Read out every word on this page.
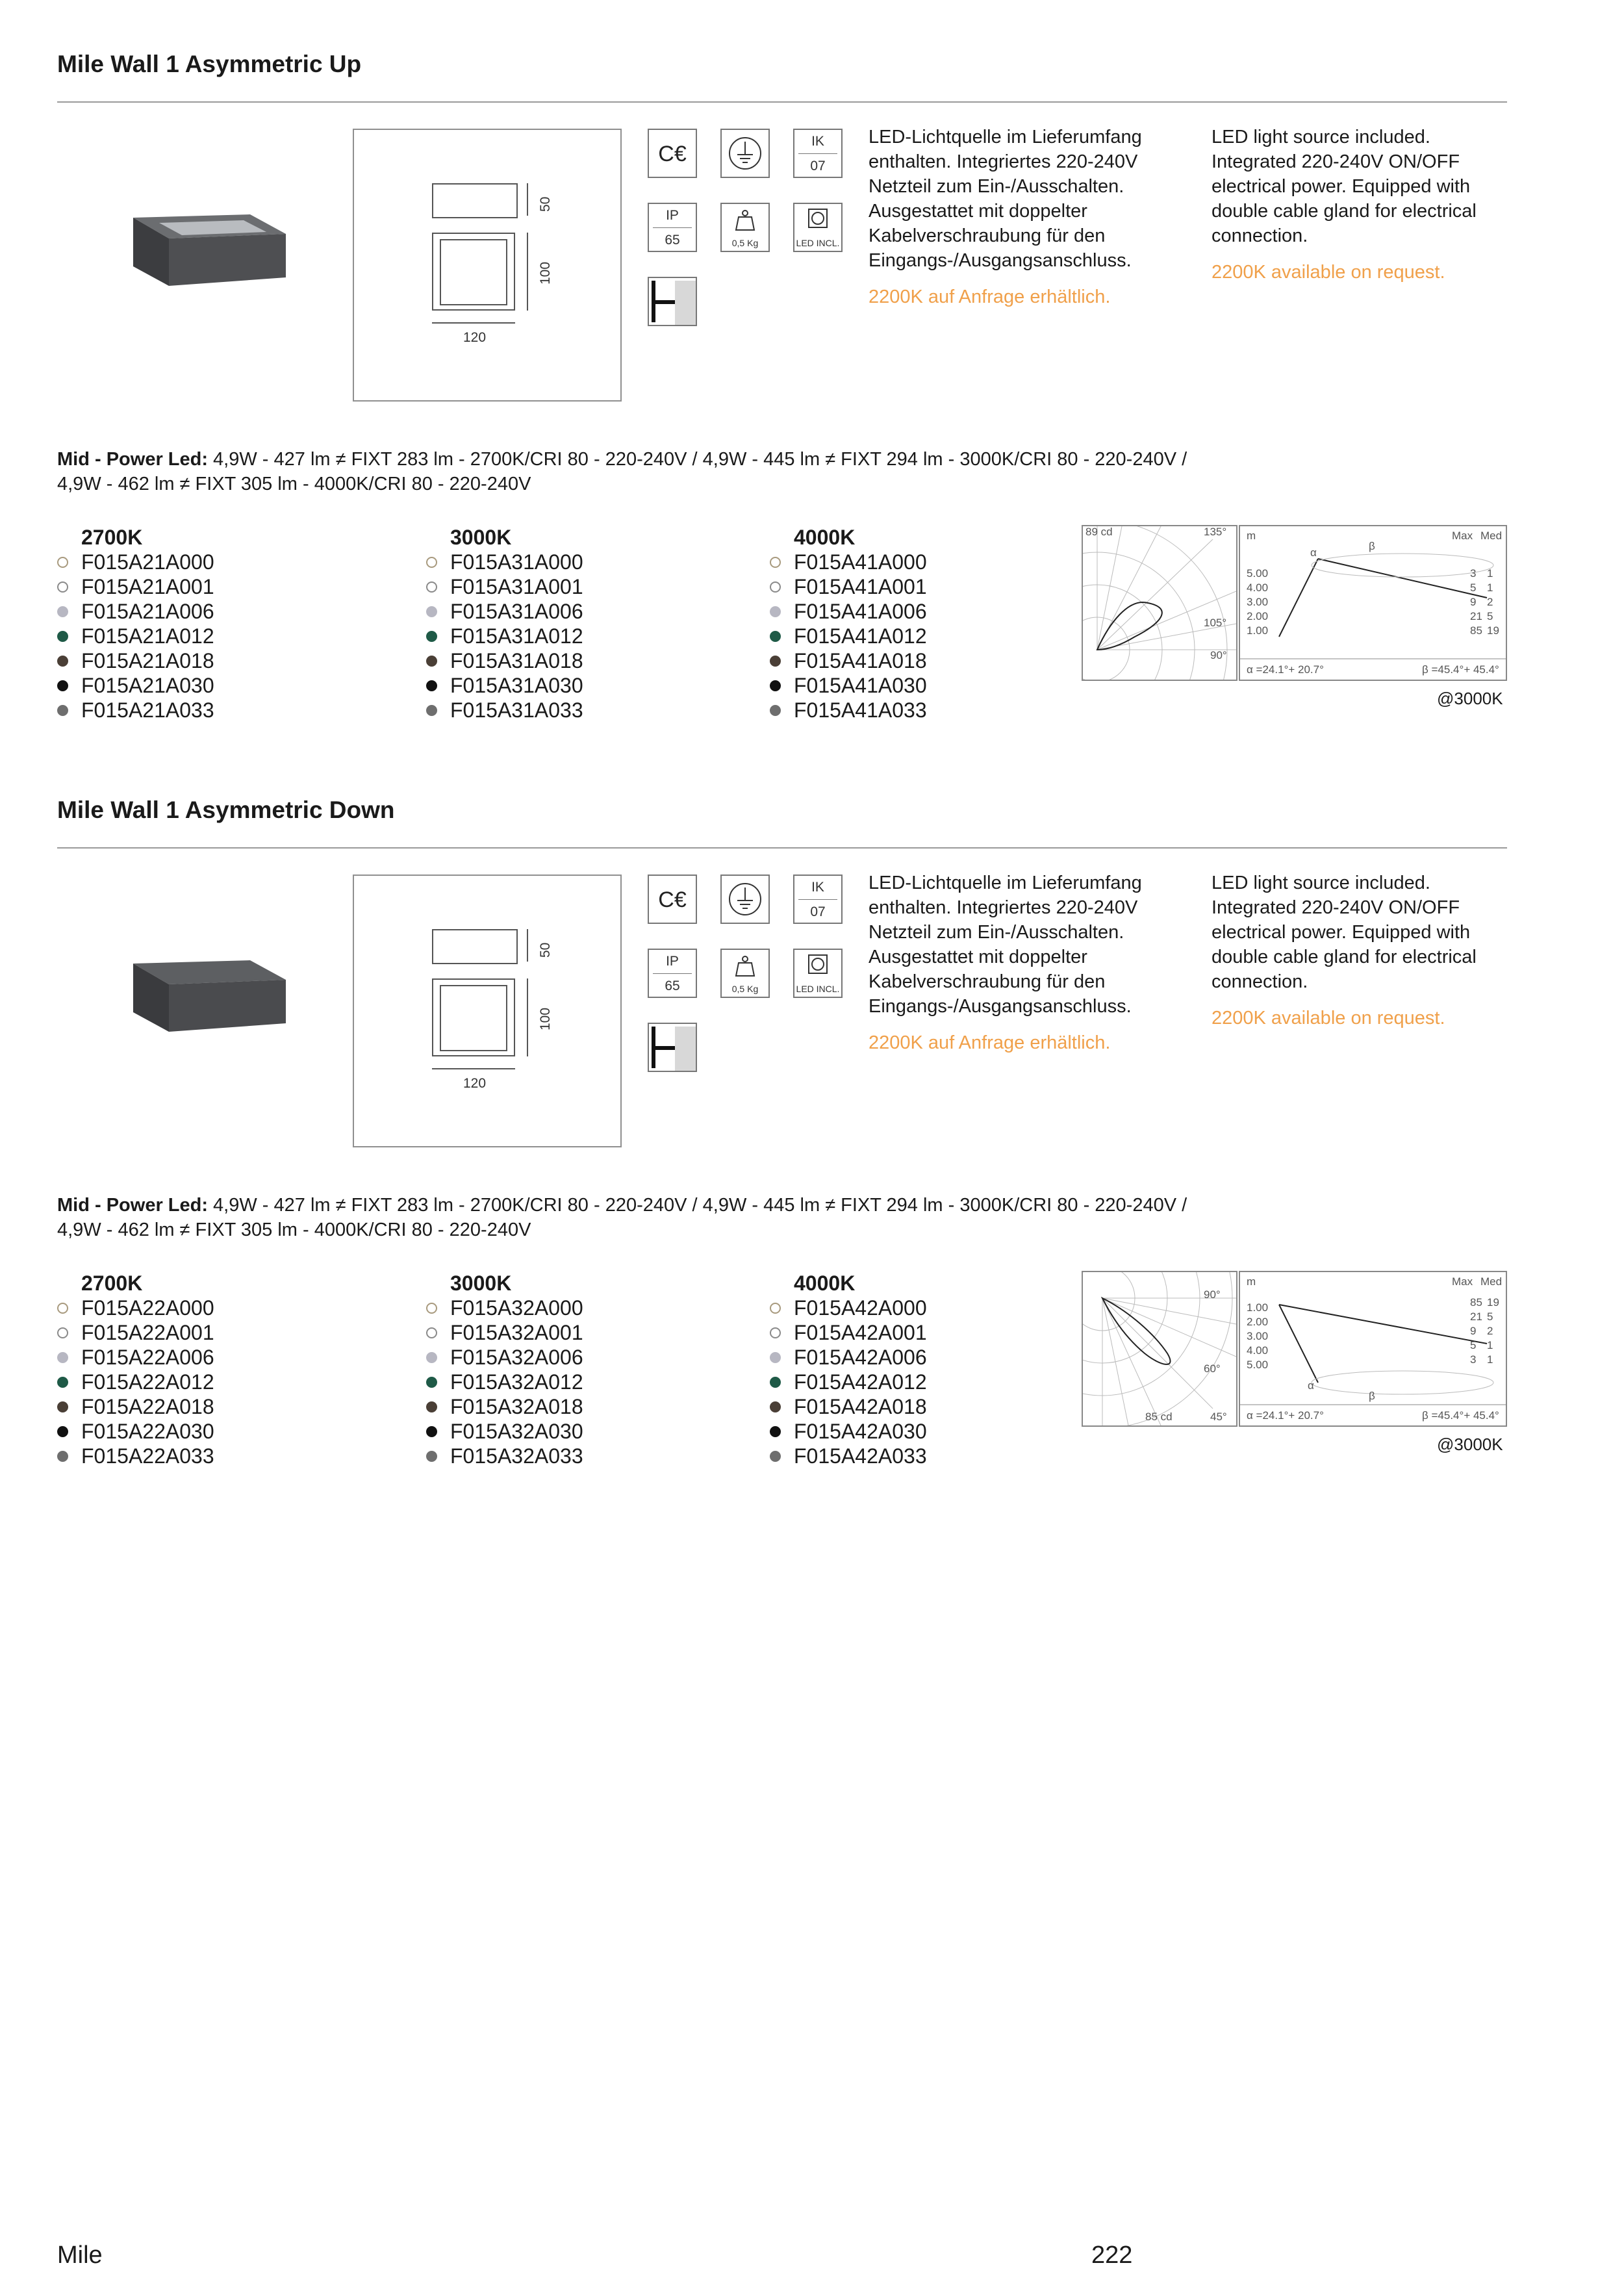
Mile Wall 1 Asymmetric Up
50
100
120
C€
IK
07
IP
65	0,5 Kg	LED INCL.
LED-Lichtquelle im Lieferumfang enthalten. Integriertes 220-240V Netzteil zum Ein-/Ausschalten. Ausgestattet mit doppelter Kabelverschraubung für den Eingangs-/Ausgangsanschluss.
2200K auf Anfrage erhältlich.
LED light source included. Integrated 220-240V ON/OFF electrical power. Equipped with double cable gland for electrical connection.
2200K available on request.
Mid - Power Led: 4,9W - 427 lm ≠ FIXT 283 lm - 2700K/CRI 80 - 220-240V / 4,9W - 445 lm ≠ FIXT 294 lm - 3000K/CRI 80 - 220-240V /
4,9W - 462 lm ≠ FIXT 305 lm - 4000K/CRI 80 - 220-240V
2700K
F015A21A000
F015A21A001
F015A21A006
F015A21A012
F015A21A018
F015A21A030
F015A21A033
3000K
F015A31A000
F015A31A001
F015A31A006
F015A31A012
F015A31A018
F015A31A030
F015A31A033
4000K
F015A41A000
F015A41A001
F015A41A006
F015A41A012
F015A41A018
F015A41A030
F015A41A033
89 cd	135°
105°
90°
m	Max Med
α
β
5.00	3 1
4.00	5 1
3.00	9 2
2.00	21 5
1.00	85 19
α =24.1°+ 20.7°	β =45.4°+ 45.4°
@3000K
Mile Wall 1 Asymmetric Down
50
100
120
C€
IK
07
IP
65	0,5 Kg	LED INCL.
LED-Lichtquelle im Lieferumfang enthalten. Integriertes 220-240V Netzteil zum Ein-/Ausschalten. Ausgestattet mit doppelter Kabelverschraubung für den Eingangs-/Ausgangsanschluss.
2200K auf Anfrage erhältlich.
LED light source included. Integrated 220-240V ON/OFF electrical power. Equipped with double cable gland for electrical connection.
2200K available on request.
Mid - Power Led: 4,9W - 427 lm ≠ FIXT 283 lm - 2700K/CRI 80 - 220-240V / 4,9W - 445 lm ≠ FIXT 294 lm - 3000K/CRI 80 - 220-240V /
4,9W - 462 lm ≠ FIXT 305 lm - 4000K/CRI 80 - 220-240V
2700K
F015A22A000
F015A22A001
F015A22A006
F015A22A012
F015A22A018
F015A22A030
F015A22A033
3000K
F015A32A000
F015A32A001
F015A32A006
F015A32A012
F015A32A018
F015A32A030
F015A32A033
4000K
F015A42A000
F015A42A001
F015A42A006
F015A42A012
F015A42A018
F015A42A030
F015A42A033
90°
60°
85 cd	45°
m	Max Med
α
β
1.00	85 19
2.00	21 5
3.00	9 2
4.00	5 1
5.00	3 1
α =24.1°+ 20.7°	β =45.4°+ 45.4°
@3000K
Mile	222
